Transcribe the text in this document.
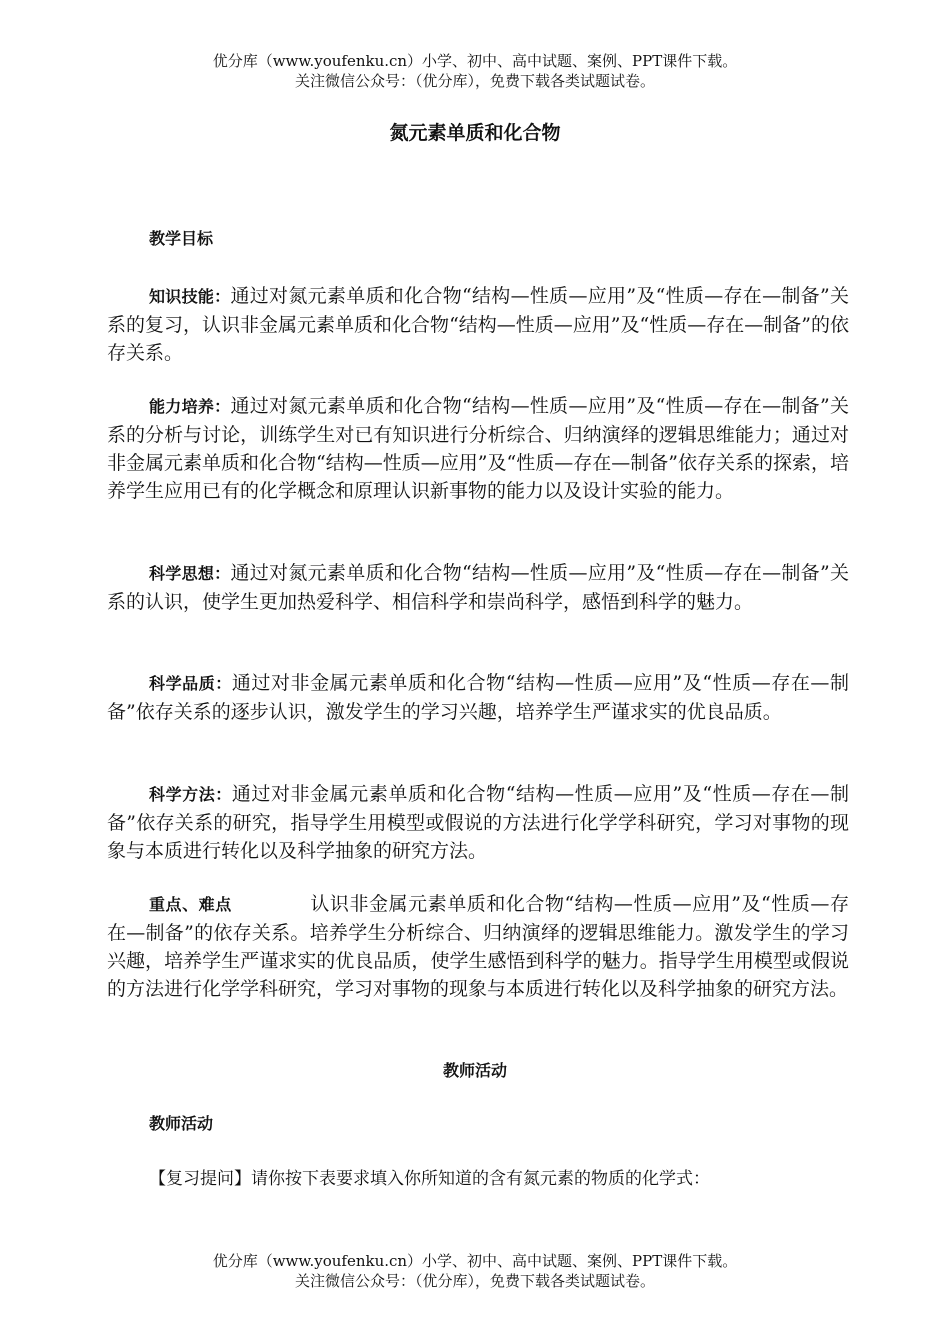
优分库（www.youfenku.cn）小学、初中、高中试题、案例、PPT课件下载。
关注微信公众号：（优分库），免费下载各类试题试卷。
氮元素单质和化合物
教学目标

知识技能：通过对氮元素单质和化合物“结构—性质—应用”及“性质—存在—制备”关系的复习，认识非金属元素单质和化合物“结构—性质—应用”及“性质—存在—制备”的依存关系。

能力培养：通过对氮元素单质和化合物“结构—性质—应用”及“性质—存在—制备”关系的分析与讨论，训练学生对已有知识进行分析综合、归纳演绎的逻辑思维能力；通过对非金属元素单质和化合物“结构—性质—应用”及“性质—存在—制备”依存关系的探索，培养学生应用已有的化学概念和原理认识新事物的能力以及设计实验的能力。

科学思想：通过对氮元素单质和化合物“结构—性质—应用”及“性质—存在—制备”关系的认识，使学生更加热爱科学、相信科学和崇尚科学，感悟到科学的魅力。

科学品质：通过对非金属元素单质和化合物“结构—性质—应用”及“性质—存在—制备”依存关系的逐步认识，激发学生的学习兴趣，培养学生严谨求实的优良品质。

科学方法：通过对非金属元素单质和化合物“结构—性质—应用”及“性质—存在—制备”依存关系的研究，指导学生用模型或假说的方法进行化学学科研究，学习对事物的现象与本质进行转化以及科学抽象的研究方法。

重点、难点	认识非金属元素单质和化合物“结构—性质—应用”及“性质—存在—制备”的依存关系。培养学生分析综合、归纳演绎的逻辑思维能力。激发学生的学习兴趣，培养学生严谨求实的优良品质，使学生感悟到科学的魅力。指导学生用模型或假说的方法进行化学学科研究，学习对事物的现象与本质进行转化以及科学抽象的研究方法。

教师活动
教师活动
【复习提问】请你按下表要求填入你所知道的含有氮元素的物质的化学式：
优分库（www.youfenku.cn）小学、初中、高中试题、案例、PPT课件下载。
关注微信公众号：（优分库），免费下载各类试题试卷。
